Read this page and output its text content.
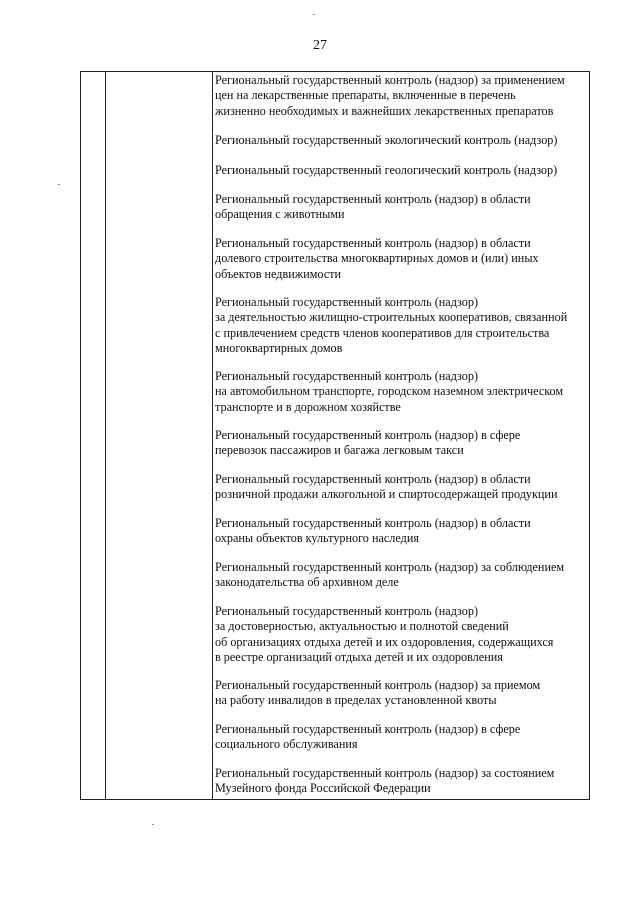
27
Региональный государственный контроль (надзор) за применением
цен на лекарственные препараты, включенные в перечень
жизненно необходимых и важнейших лекарственных препаратов
Региональный государственный экологический контроль (надзор)
Региональный государственный геологический контроль (надзор)
Региональный государственный контроль (надзор) в области
обращения с животными
Региональный государственный контроль (надзор) в области
долевого строительства многоквартирных домов и (или) иных
объектов недвижимости
Региональный государственный контроль (надзор)
за деятельностью жилищно-строительных кооперативов, связанной
с привлечением средств членов кооперативов для строительства
многоквартирных домов
Региональный государственный контроль (надзор)
на автомобильном транспорте, городском наземном электрическом
транспорте и в дорожном хозяйстве
Региональный государственный контроль (надзор) в сфере
перевозок пассажиров и багажа легковым такси
Региональный государственный контроль (надзор) в области
розничной продажи алкогольной и спиртосодержащей продукции
Региональный государственный контроль (надзор) в области
охраны объектов культурного наследия
Региональный государственный контроль (надзор) за соблюдением
законодательства об архивном деле
Региональный государственный контроль (надзор)
за достоверностью, актуальностью и полнотой сведений
об организациях отдыха детей и их оздоровления, содержащихся
в реестре организаций отдыха детей и их оздоровления
Региональный государственный контроль (надзор) за приемом
на работу инвалидов в пределах установленной квоты
Региональный государственный контроль (надзор) в сфере
социального обслуживания
Региональный государственный контроль (надзор) за состоянием
Музейного фонда Российской Федерации
